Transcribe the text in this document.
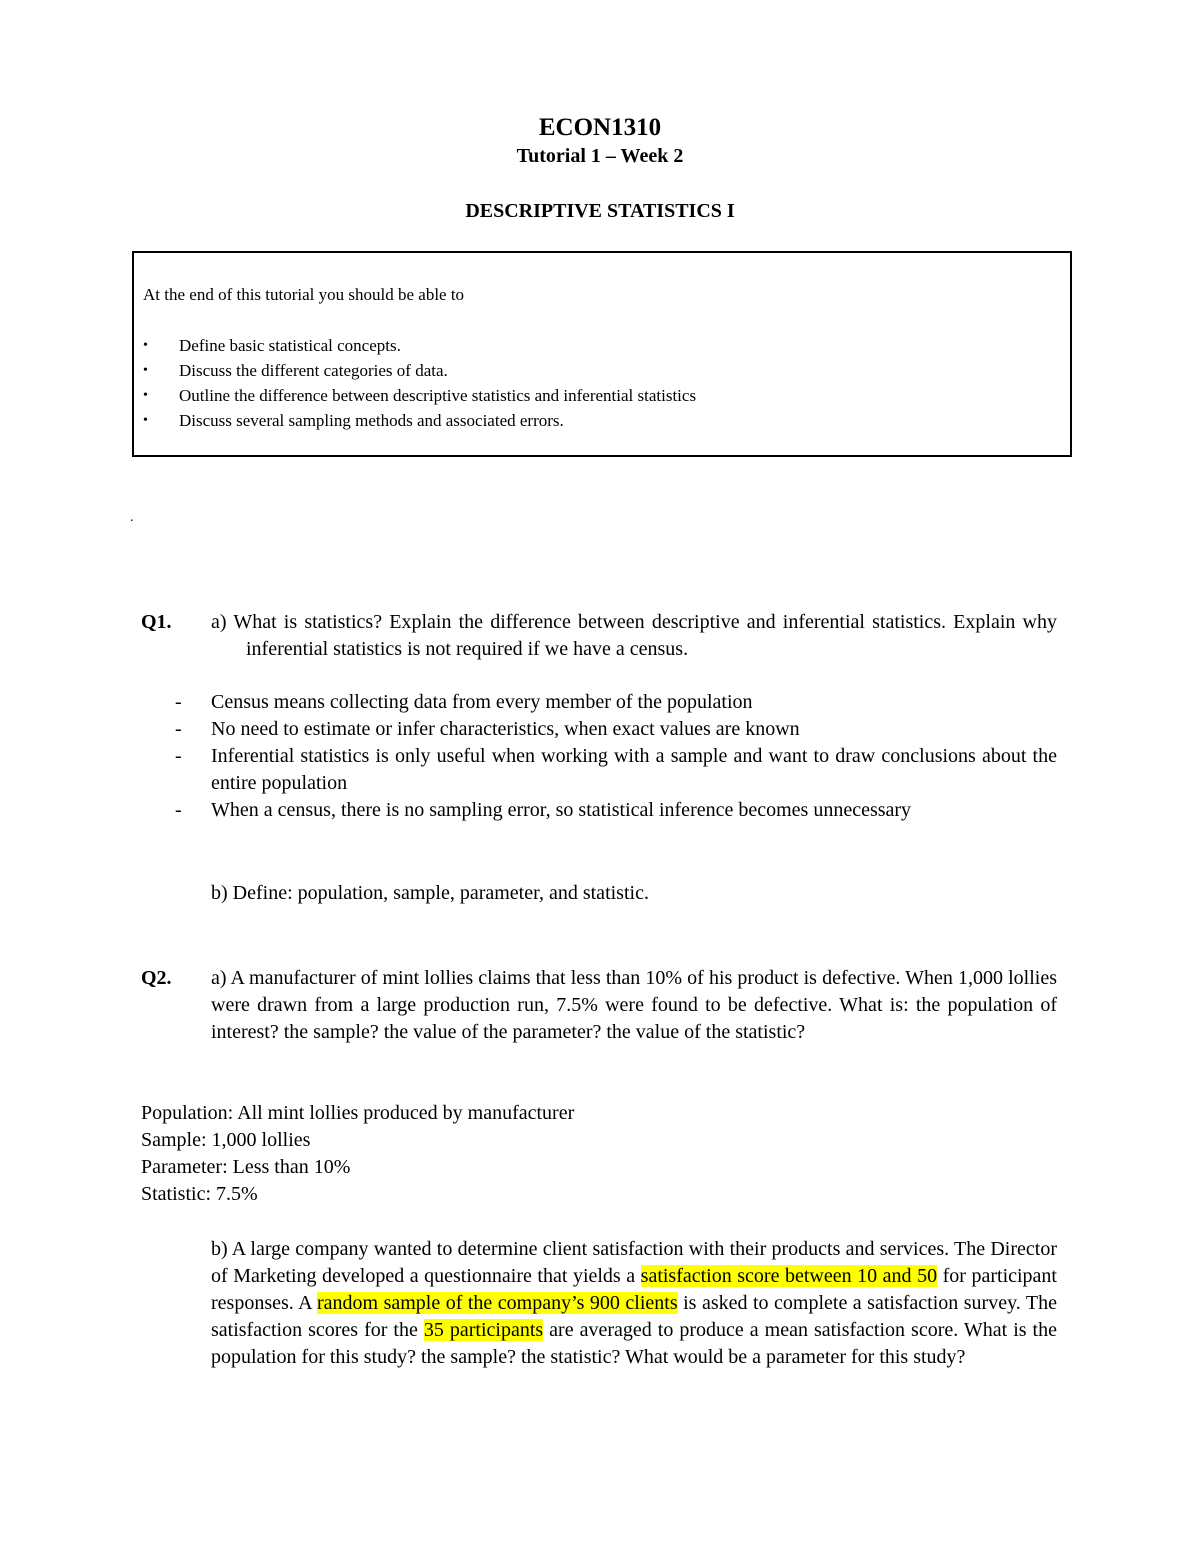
ECON1310
Tutorial 1 – Week 2
DESCRIPTIVE STATISTICS I
At the end of this tutorial you should be able to
• Define basic statistical concepts.
• Discuss the different categories of data.
• Outline the difference between descriptive statistics and inferential statistics
• Discuss several sampling methods and associated errors.
.
Q1. a) What is statistics? Explain the difference between descriptive and inferential statistics. Explain why inferential statistics is not required if we have a census.
- Census means collecting data from every member of the population
- No need to estimate or infer characteristics, when exact values are known
- Inferential statistics is only useful when working with a sample and want to draw conclusions about the entire population
- When a census, there is no sampling error, so statistical inference becomes unnecessary
b) Define: population, sample, parameter, and statistic.
Q2. a) A manufacturer of mint lollies claims that less than 10% of his product is defective. When 1,000 lollies were drawn from a large production run, 7.5% were found to be defective. What is: the population of interest? the sample? the value of the parameter? the value of the statistic?
Population: All mint lollies produced by manufacturer
Sample: 1,000 lollies
Parameter: Less than 10%
Statistic: 7.5%
b) A large company wanted to determine client satisfaction with their products and services. The Director of Marketing developed a questionnaire that yields a satisfaction score between 10 and 50 for participant responses. A random sample of the company’s 900 clients is asked to complete a satisfaction survey. The satisfaction scores for the 35 participants are averaged to produce a mean satisfaction score. What is the population for this study? the sample? the statistic? What would be a parameter for this study?
